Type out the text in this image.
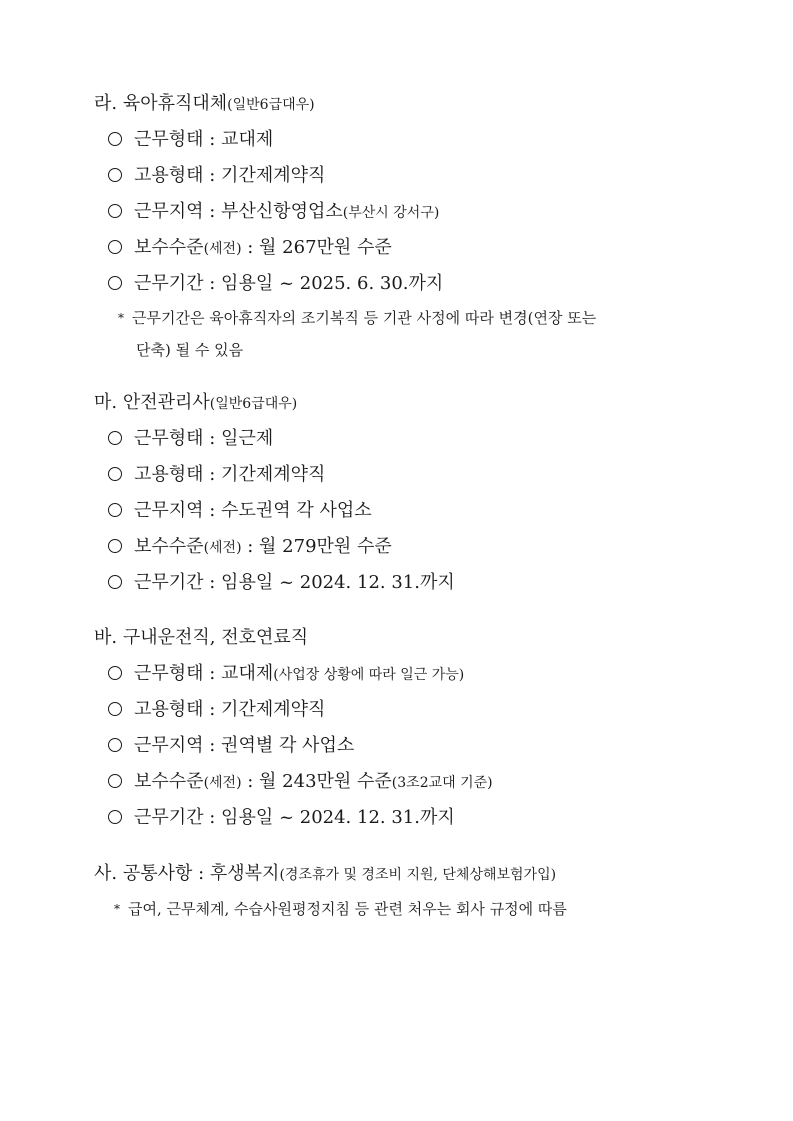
라. 육아휴직대체(일반6급대우)
근무형태 : 교대제
고용형태 : 기간제계약직
근무지역 : 부산신항영업소(부산시 강서구)
보수수준(세전) : 월 267만원 수준
근무기간 : 임용일 ~ 2025. 6. 30.까지
* 근무기간은 육아휴직자의 조기복직 등 기관 사정에 따라 변경(연장 또는
단축) 될 수 있음
마. 안전관리사(일반6급대우)
근무형태 : 일근제
고용형태 : 기간제계약직
근무지역 : 수도권역 각 사업소
보수수준(세전) : 월 279만원 수준
근무기간 : 임용일 ~ 2024. 12. 31.까지
바. 구내운전직, 전호연료직
근무형태 : 교대제(사업장 상황에 따라 일근 가능)
고용형태 : 기간제계약직
근무지역 : 권역별 각 사업소
보수수준(세전) : 월 243만원 수준(3조2교대 기준)
근무기간 : 임용일 ~ 2024. 12. 31.까지
사. 공통사항 : 후생복지(경조휴가 및 경조비 지원, 단체상해보험가입)
* 급여, 근무체계, 수습사원평정지침 등 관련 처우는 회사 규정에 따름
